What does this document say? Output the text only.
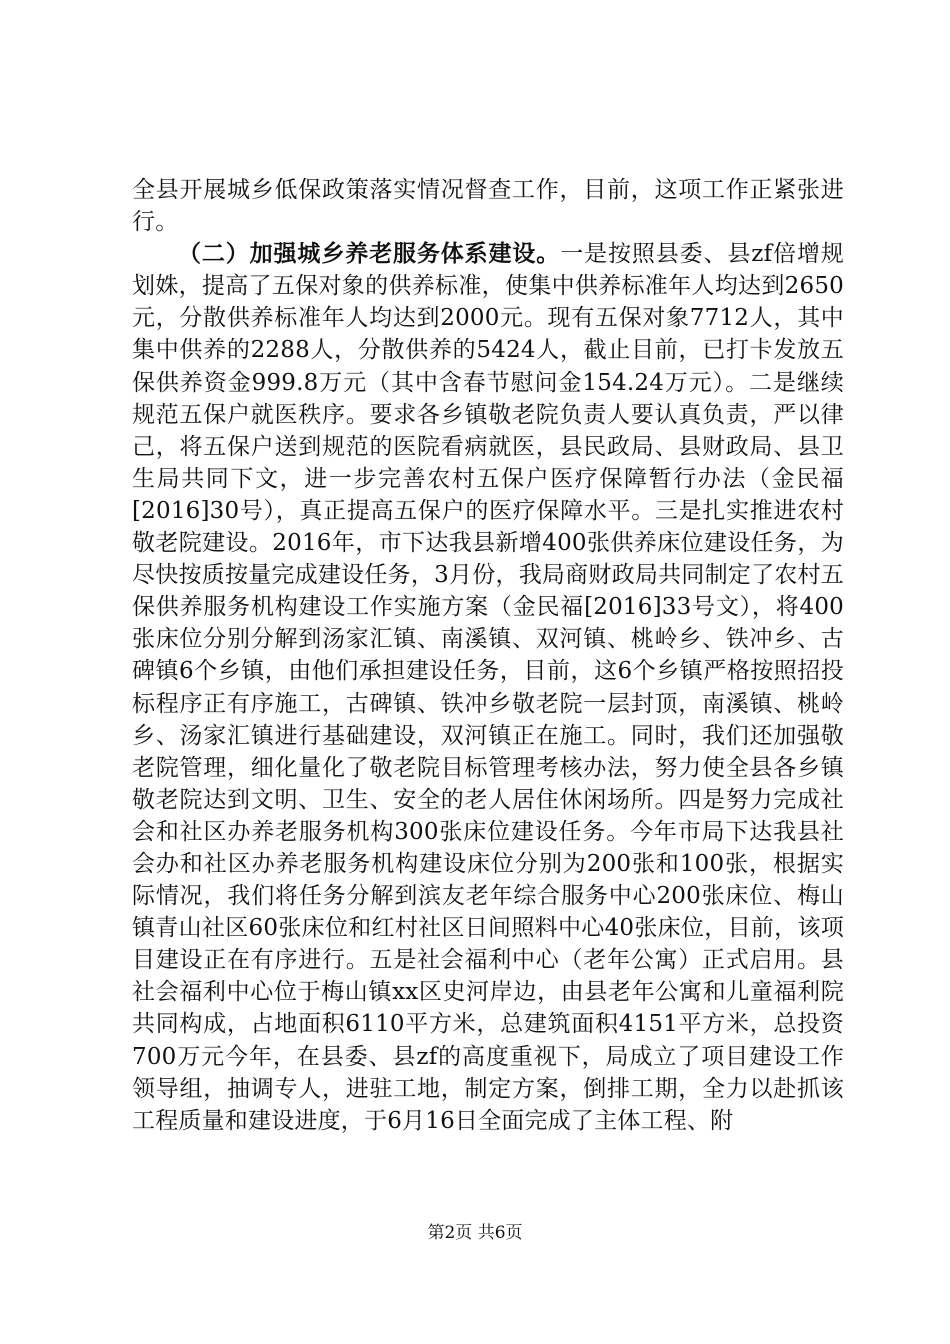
全县开展城乡低保政策落实情况督查工作，目前，这项工作正紧张进行。

（二）加强城乡养老服务体系建设。一是按照县委、县zf倍增规划姝，提高了五保对象的供养标准，使集中供养标准年人均达到2650元，分散供养标准年人均达到2000元。现有五保对象7712人，其中集中供养的2288人，分散供养的5424人，截止目前，已打卡发放五保供养资金999.8万元（其中含春节慰问金154.24万元）。二是继续规范五保户就医秩序。要求各乡镇敬老院负责人要认真负责，严以律己，将五保户送到规范的医院看病就医，县民政局、县财政局、县卫生局共同下文，进一步完善农村五保户医疗保障暂行办法（金民福[2016]30号），真正提高五保户的医疗保障水平。三是扎实推进农村敬老院建设。2016年，市下达我县新增400张供养床位建设任务，为尽快按质按量完成建设任务，3月份，我局商财政局共同制定了农村五保供养服务机构建设工作实施方案（金民福[2016]33号文），将400张床位分别分解到汤家汇镇、南溪镇、双河镇、桃岭乡、铁冲乡、古碑镇6个乡镇，由他们承担建设任务，目前，这6个乡镇严格按照招投标程序正有序施工，古碑镇、铁冲乡敬老院一层封顶，南溪镇、桃岭乡、汤家汇镇进行基础建设，双河镇正在施工。同时，我们还加强敬老院管理，细化量化了敬老院目标管理考核办法，努力使全县各乡镇敬老院达到文明、卫生、安全的老人居住休闲场所。四是努力完成社会和社区办养老服务机构300张床位建设任务。今年市局下达我县社会办和社区办养老服务机构建设床位分别为200张和100张，根据实际情况，我们将任务分解到滨友老年综合服务中心200张床位、梅山镇青山社区60张床位和红村社区日间照料中心40张床位，目前，该项目建设正在有序进行。五是社会福利中心（老年公寓）正式启用。县社会福利中心位于梅山镇xx区史河岸边，由县老年公寓和儿童福利院共同构成，占地面积6110平方米，总建筑面积4151平方米，总投资700万元今年，在县委、县zf的高度重视下，局成立了项目建设工作领导组，抽调专人，进驻工地，制定方案，倒排工期，全力以赴抓该工程质量和建设进度，于6月16日全面完成了主体工程、附

第2页 共6页
